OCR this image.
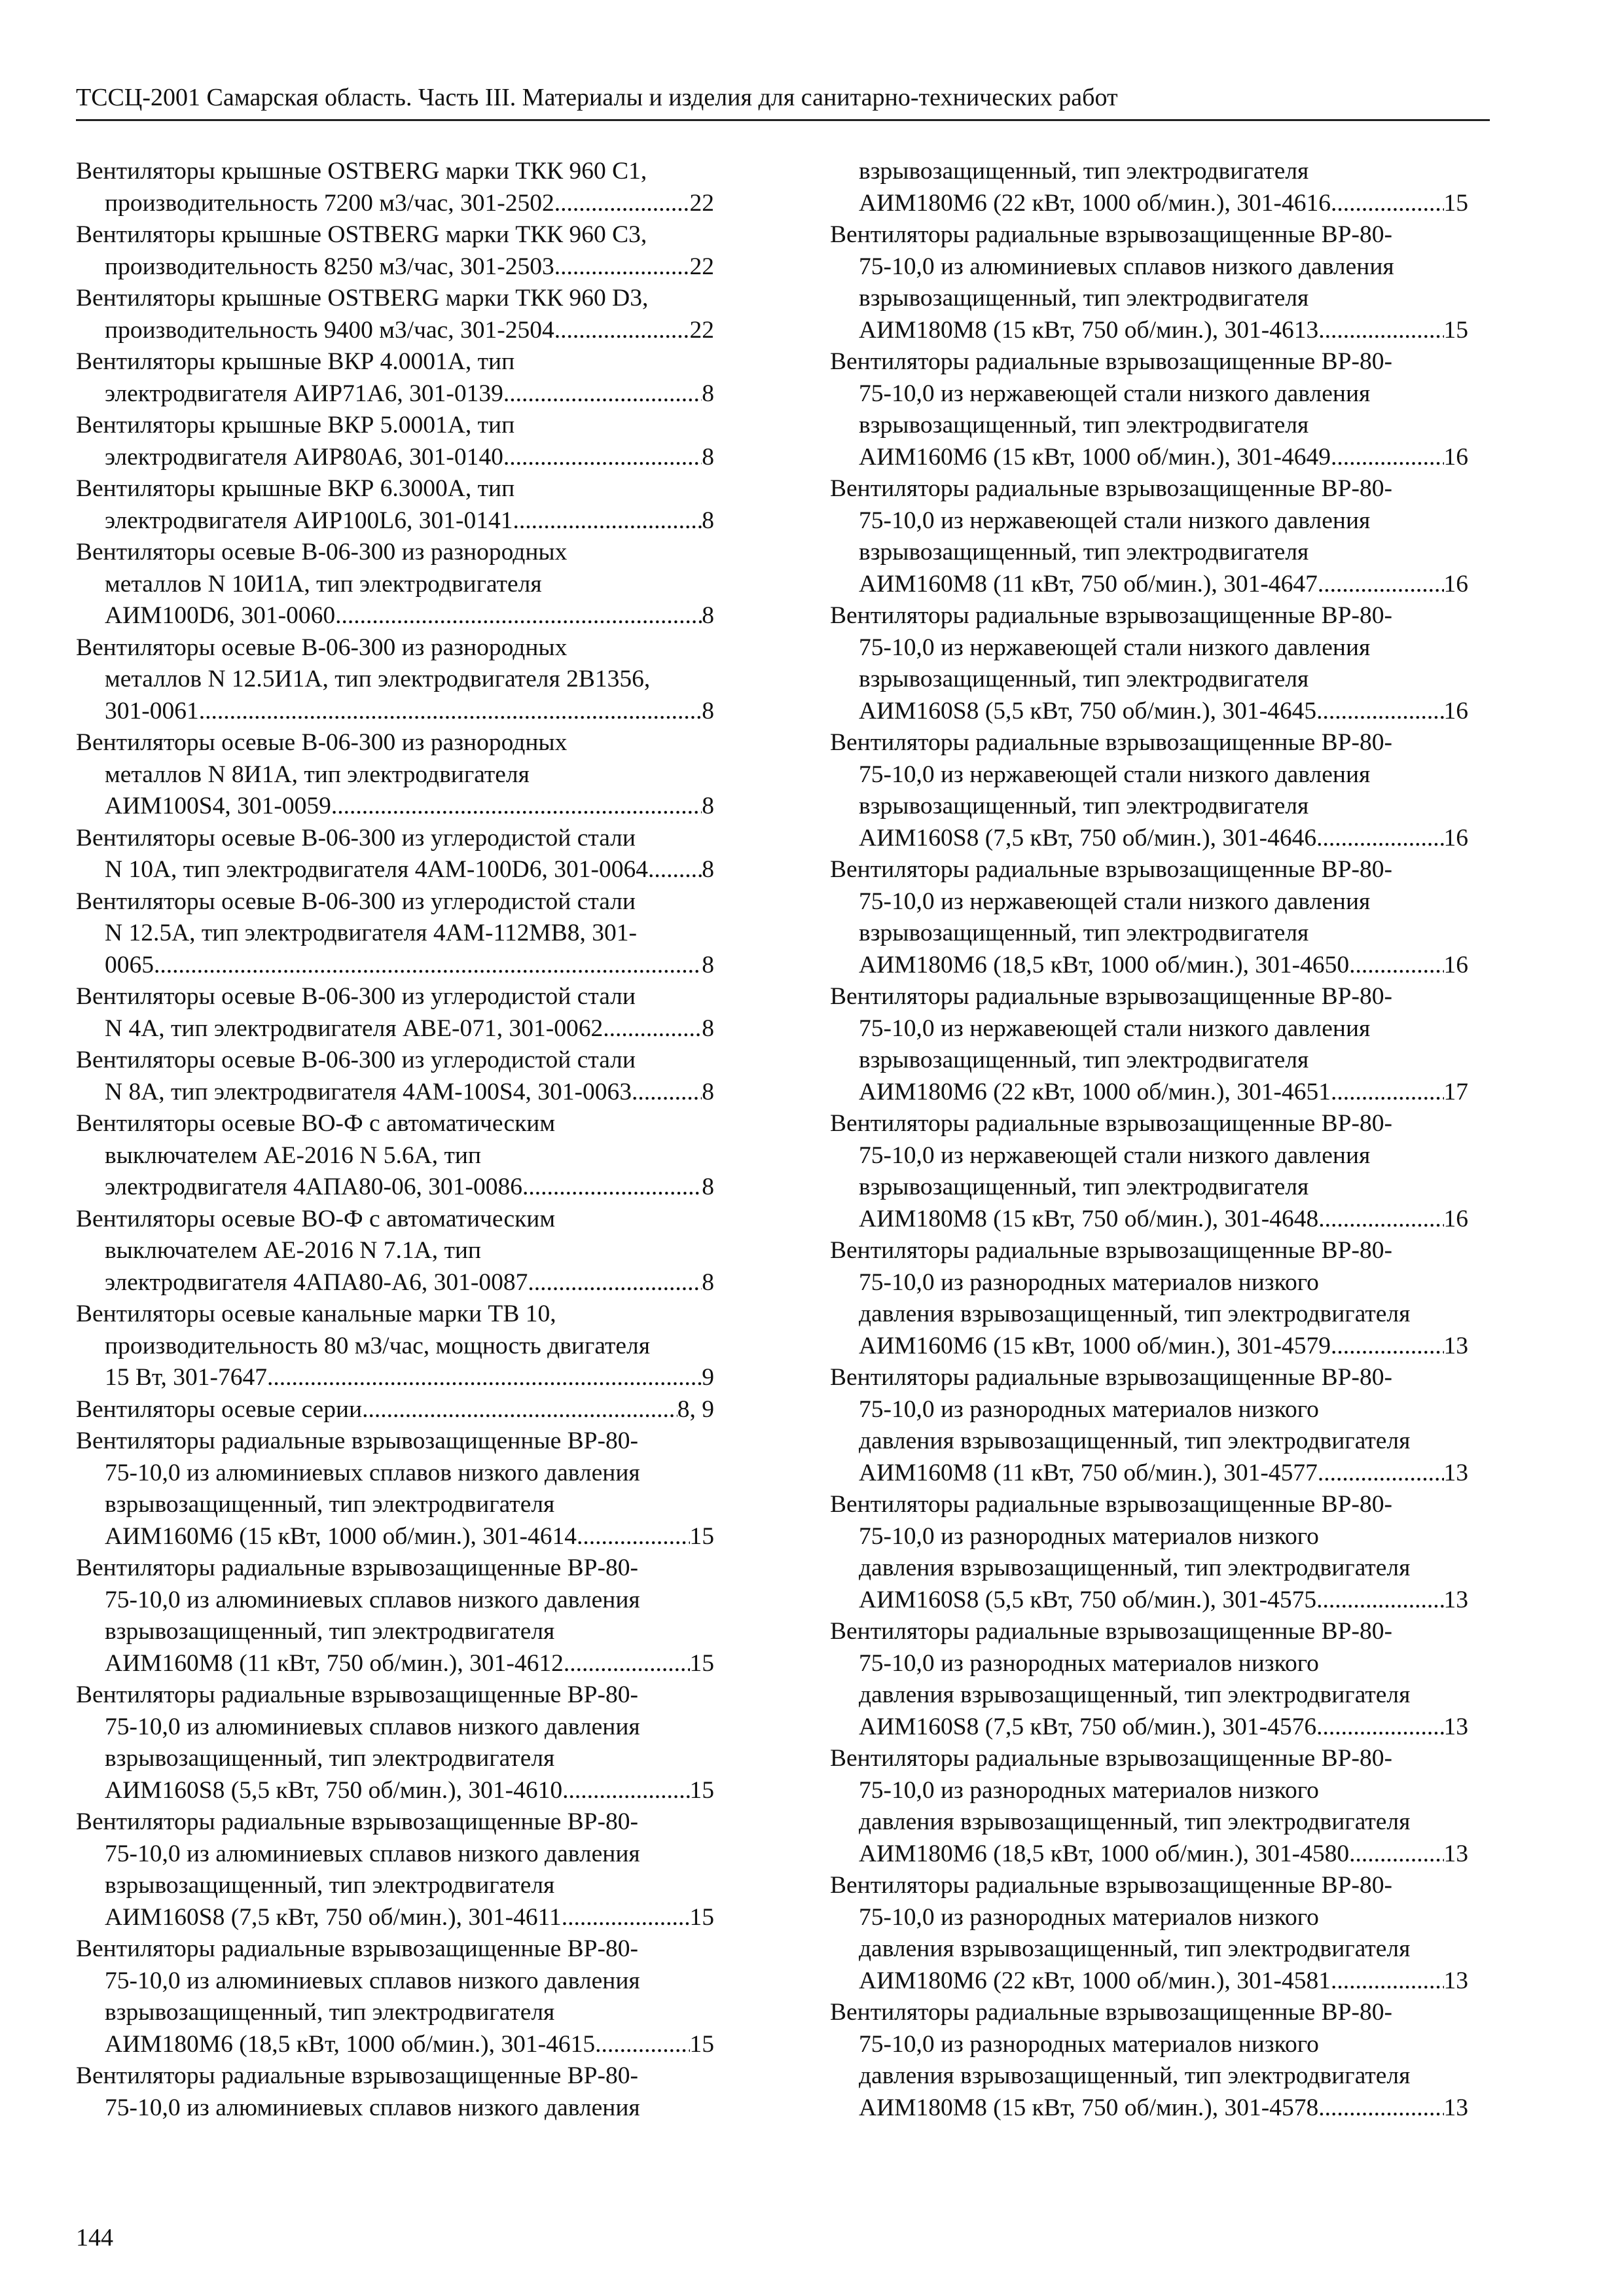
ТССЦ-2001 Самарская область. Часть III. Материалы и изделия для санитарно-технических работ
Вентиляторы крышные OSTBERG марки ТКК 960 С1,
производительность 7200 м3/час, 301-2502 .....	22
Вентиляторы крышные OSTBERG марки ТКК 960 С3,
производительность 8250 м3/час, 301-2503 .....	22
Вентиляторы крышные OSTBERG марки ТКК 960 D3,
производительность 9400 м3/час, 301-2504 .....	22
Вентиляторы крышные ВКР 4.0001А, тип
электродвигателя АИР71А6, 301-0139 .....	8
Вентиляторы крышные ВКР 5.0001А, тип
электродвигателя АИР80А6, 301-0140 .....	8
Вентиляторы крышные ВКР 6.3000А, тип
электродвигателя АИР100L6, 301-0141 .....	8
Вентиляторы осевые В-06-300 из разнородных
металлов N 10И1А, тип электродвигателя
АИМ100D6, 301-0060 .....	8
Вентиляторы осевые В-06-300 из разнородных
металлов N 12.5И1А, тип электродвигателя 2В1356,
301-0061 .....	8
Вентиляторы осевые В-06-300 из разнородных
металлов N 8И1А, тип электродвигателя
АИМ100S4, 301-0059 .....	8
Вентиляторы осевые В-06-300 из углеродистой стали
N 10А, тип электродвигателя 4АМ-100D6, 301-0064 ..... 8
Вентиляторы осевые В-06-300 из углеродистой стали
N 12.5А, тип электродвигателя 4АМ-112МВ8, 301-
0065 .....	8
Вентиляторы осевые В-06-300 из углеродистой стали
N 4А, тип электродвигателя АВЕ-071, 301-0062 .....	8
Вентиляторы осевые В-06-300 из углеродистой стали
N 8А, тип электродвигателя 4АМ-100S4, 301-0063 .....	8
Вентиляторы осевые ВО-Ф с автоматическим
выключателем АЕ-2016 N 5.6А, тип
электродвигателя 4АПА80-06, 301-0086 .....	8
Вентиляторы осевые ВО-Ф с автоматическим
выключателем АЕ-2016 N 7.1А, тип
электродвигателя 4АПА80-А6, 301-0087 .....	8
Вентиляторы осевые канальные марки ТВ 10,
производительность 80 м3/час, мощность двигателя
15 Вт, 301-7647 .....	9
Вентиляторы осевые серии .....	8, 9
Вентиляторы радиальные взрывозащищенные ВР-80-
75-10,0 из алюминиевых сплавов низкого давления
взрывозащищенный, тип электродвигателя
АИМ160М6 (15 кВт, 1000 об/мин.), 301-4614 .....	15
Вентиляторы радиальные взрывозащищенные ВР-80-
75-10,0 из алюминиевых сплавов низкого давления
взрывозащищенный, тип электродвигателя
АИМ160М8 (11 кВт, 750 об/мин.), 301-4612 .....	15
Вентиляторы радиальные взрывозащищенные ВР-80-
75-10,0 из алюминиевых сплавов низкого давления
взрывозащищенный, тип электродвигателя
АИМ160S8 (5,5 кВт, 750 об/мин.), 301-4610 .....	15
Вентиляторы радиальные взрывозащищенные ВР-80-
75-10,0 из алюминиевых сплавов низкого давления
взрывозащищенный, тип электродвигателя
АИМ160S8 (7,5 кВт, 750 об/мин.), 301-4611 .....	15
Вентиляторы радиальные взрывозащищенные ВР-80-
75-10,0 из алюминиевых сплавов низкого давления
взрывозащищенный, тип электродвигателя
АИМ180М6 (18,5 кВт, 1000 об/мин.), 301-4615 .....	15
Вентиляторы радиальные взрывозащищенные ВР-80-
75-10,0 из алюминиевых сплавов низкого давления
взрывозащищенный, тип электродвигателя
АИМ180М6 (22 кВт, 1000 об/мин.), 301-4616 .....	15
Вентиляторы радиальные взрывозащищенные ВР-80-
75-10,0 из алюминиевых сплавов низкого давления
взрывозащищенный, тип электродвигателя
АИМ180М8 (15 кВт, 750 об/мин.), 301-4613 .....	15
Вентиляторы радиальные взрывозащищенные ВР-80-
75-10,0 из нержавеющей стали низкого давления
взрывозащищенный, тип электродвигателя
АИМ160М6 (15 кВт, 1000 об/мин.), 301-4649 .....	16
Вентиляторы радиальные взрывозащищенные ВР-80-
75-10,0 из нержавеющей стали низкого давления
взрывозащищенный, тип электродвигателя
АИМ160М8 (11 кВт, 750 об/мин.), 301-4647 .....	16
Вентиляторы радиальные взрывозащищенные ВР-80-
75-10,0 из нержавеющей стали низкого давления
взрывозащищенный, тип электродвигателя
АИМ160S8 (5,5 кВт, 750 об/мин.), 301-4645 .....	16
Вентиляторы радиальные взрывозащищенные ВР-80-
75-10,0 из нержавеющей стали низкого давления
взрывозащищенный, тип электродвигателя
АИМ160S8 (7,5 кВт, 750 об/мин.), 301-4646 .....	16
Вентиляторы радиальные взрывозащищенные ВР-80-
75-10,0 из нержавеющей стали низкого давления
взрывозащищенный, тип электродвигателя
АИМ180М6 (18,5 кВт, 1000 об/мин.), 301-4650 .....	16
Вентиляторы радиальные взрывозащищенные ВР-80-
75-10,0 из нержавеющей стали низкого давления
взрывозащищенный, тип электродвигателя
АИМ180М6 (22 кВт, 1000 об/мин.), 301-4651 .....	17
Вентиляторы радиальные взрывозащищенные ВР-80-
75-10,0 из нержавеющей стали низкого давления
взрывозащищенный, тип электродвигателя
АИМ180М8 (15 кВт, 750 об/мин.), 301-4648 .....	16
Вентиляторы радиальные взрывозащищенные ВР-80-
75-10,0 из разнородных материалов низкого
давления взрывозащищенный, тип электродвигателя
АИМ160М6 (15 кВт, 1000 об/мин.), 301-4579 .....	13
Вентиляторы радиальные взрывозащищенные ВР-80-
75-10,0 из разнородных материалов низкого
давления взрывозащищенный, тип электродвигателя
АИМ160М8 (11 кВт, 750 об/мин.), 301-4577 .....	13
Вентиляторы радиальные взрывозащищенные ВР-80-
75-10,0 из разнородных материалов низкого
давления взрывозащищенный, тип электродвигателя
АИМ160S8 (5,5 кВт, 750 об/мин.), 301-4575 .....	13
Вентиляторы радиальные взрывозащищенные ВР-80-
75-10,0 из разнородных материалов низкого
давления взрывозащищенный, тип электродвигателя
АИМ160S8 (7,5 кВт, 750 об/мин.), 301-4576 .....	13
Вентиляторы радиальные взрывозащищенные ВР-80-
75-10,0 из разнородных материалов низкого
давления взрывозащищенный, тип электродвигателя
АИМ180М6 (18,5 кВт, 1000 об/мин.), 301-4580 .....	13
Вентиляторы радиальные взрывозащищенные ВР-80-
75-10,0 из разнородных материалов низкого
давления взрывозащищенный, тип электродвигателя
АИМ180М6 (22 кВт, 1000 об/мин.), 301-4581 .....	13
Вентиляторы радиальные взрывозащищенные ВР-80-
75-10,0 из разнородных материалов низкого
давления взрывозащищенный, тип электродвигателя
АИМ180М8 (15 кВт, 750 об/мин.), 301-4578 .....	13
144
